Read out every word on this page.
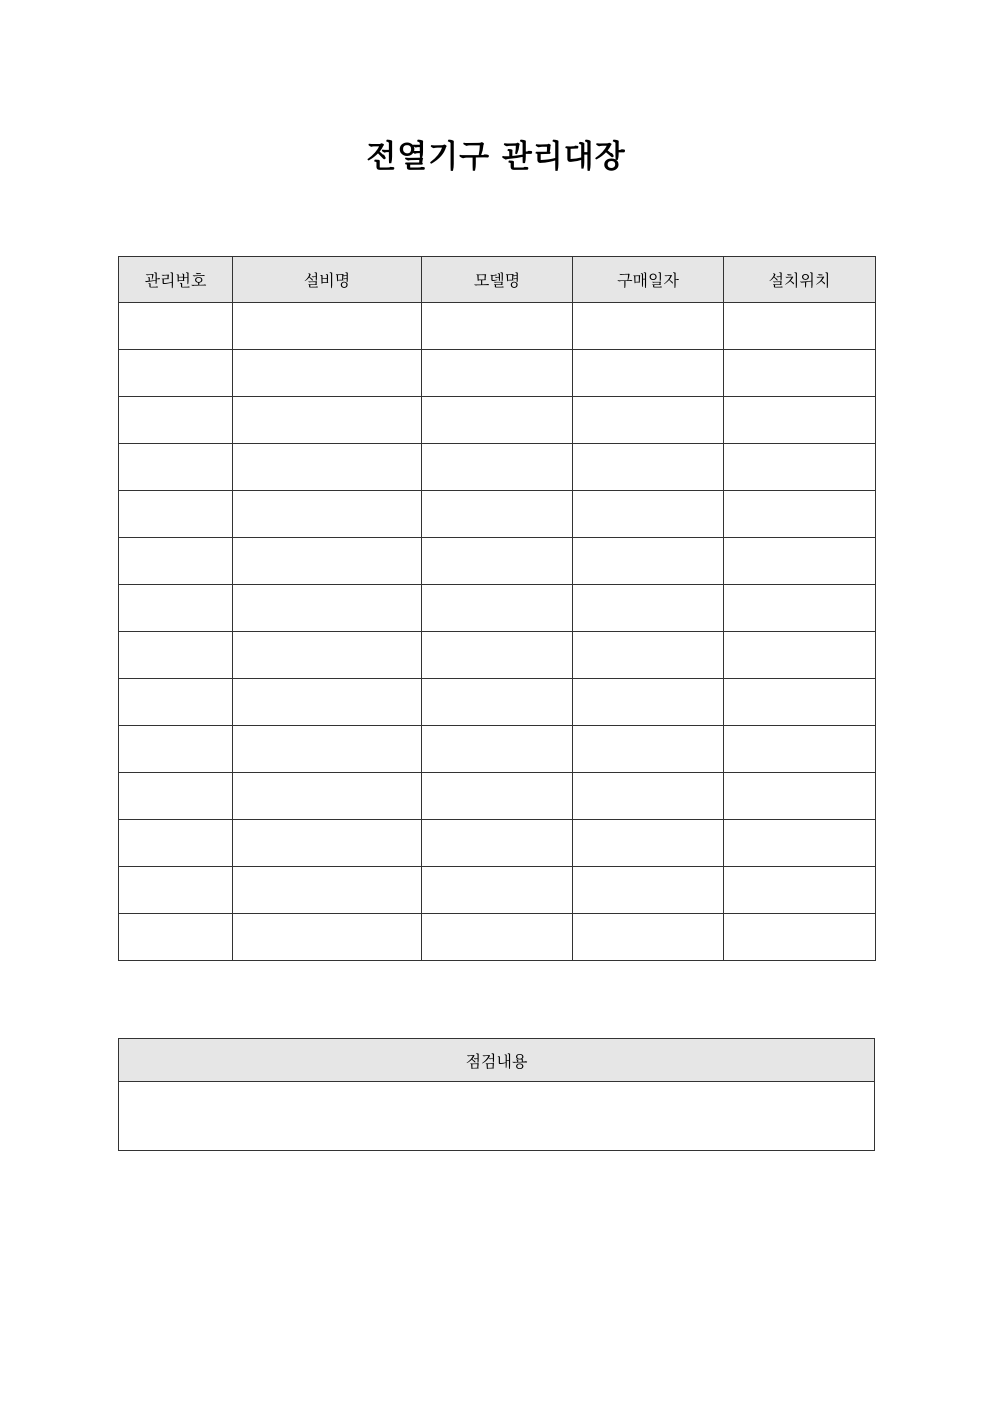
전열기구 관리대장
관리번호	설비명	모델명	구매일자	설치위치

점검내용
